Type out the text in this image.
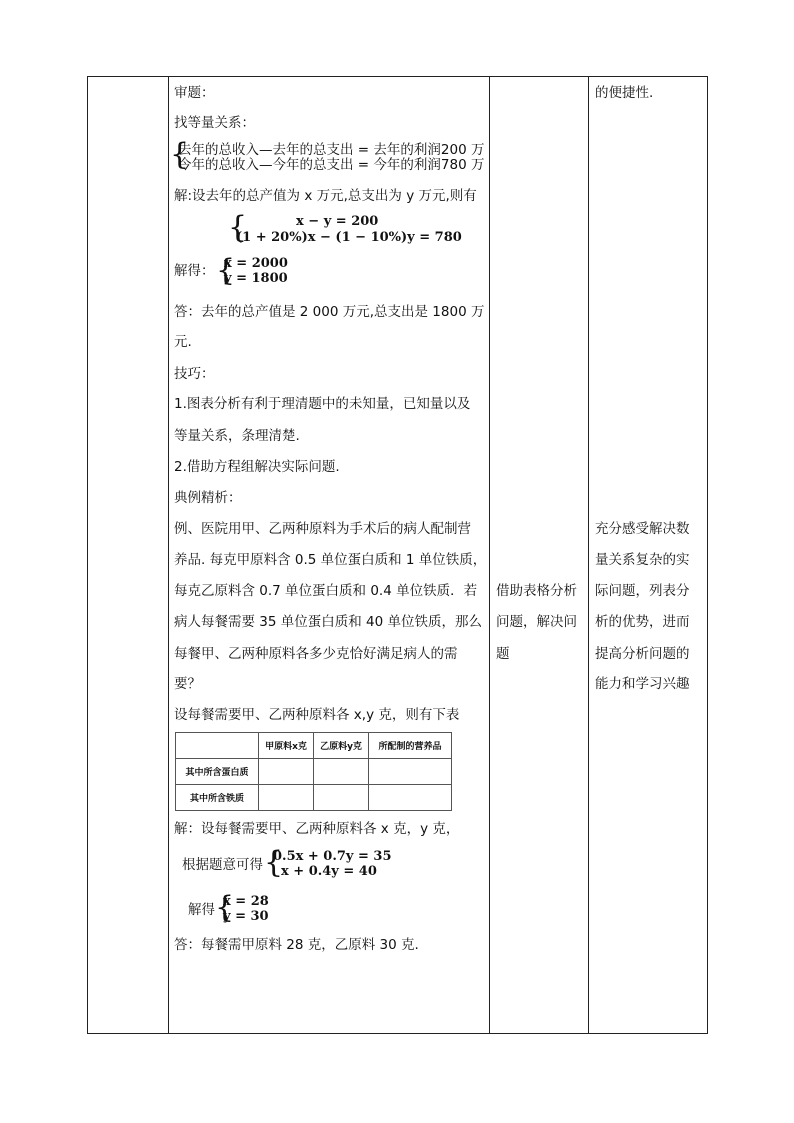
审题：
找等量关系：
{
去年的总收入—去年的总支出 = 去年的利润200 万
今年的总收入—今年的总支出 = 今年的利润780 万
解:设去年的总产值为 x 万元,总支出为 y 万元,则有
{	x − y = 200
(1 + 20%)x − (1 − 10%)y = 780
解得： {
x = 2000
y = 1800
答：去年的总产值是 2 000 万元,总支出是 1800 万
元.
技巧：
1.图表分析有利于理清题中的未知量，已知量以及
等量关系，条理清楚.
2.借助方程组解决实际问题.
典例精析：
例、医院用甲、乙两种原料为手术后的病人配制营
养品. 每克甲原料含 0.5 单位蛋白质和 1 单位铁质，
每克乙原料含 0.7 单位蛋白质和 0.4 单位铁质．若
病人每餐需要 35 单位蛋白质和 40 单位铁质，那么
每餐甲、乙两种原料各多少克恰好满足病人的需
要？
设每餐需要甲、乙两种原料各 x,y 克，则有下表
	甲原料x克	乙原料y克	所配制的营养品
其中所含蛋白质			
其中所含铁质			
解：设每餐需要甲、乙两种原料各 x 克，y 克，
根据题意可得 {
0.5x + 0.7y = 35
x + 0.4y = 40
解得 {
x = 28
y = 30
答：每餐需甲原料 28 克，乙原料 30 克.
借助表格分析
问题，解决问
题
的便捷性.
充分感受解决数
量关系复杂的实
际问题，列表分
析的优势，进而
提高分析问题的
能力和学习兴趣
